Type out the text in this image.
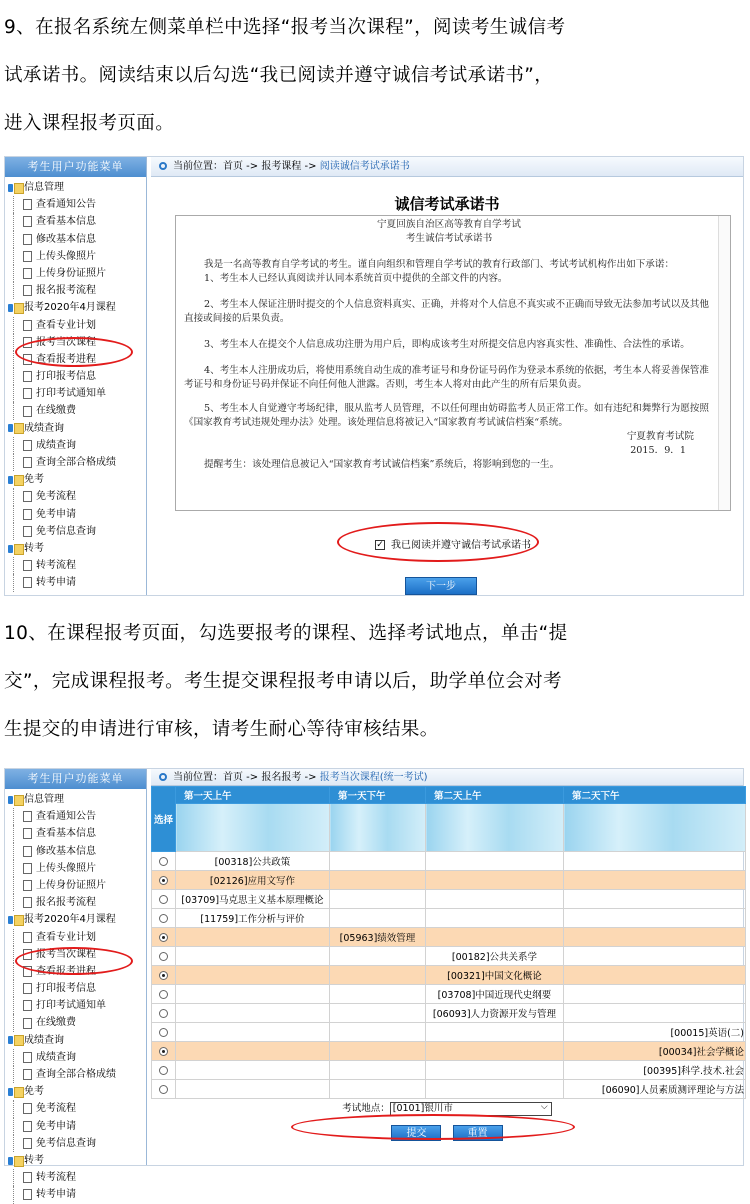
9、在报名系统左侧菜单栏中选择“报考当次课程”，阅读考生诚信考
试承诺书。阅读结束以后勾选“我已阅读并遵守诚信考试承诺书”，
进入课程报考页面。
考生用户功能菜单
信息管理
查看通知公告
查看基本信息
修改基本信息
上传头像照片
上传身份证照片
报名报考流程
报考2020年4月课程
查看专业计划
报考当次课程
查看报考进程
打印报考信息
打印考试通知单
在线缴费
成绩查询
成绩查询
查询全部合格成绩
免考
免考流程
免考申请
免考信息查询
转考
转考流程
转考申请
当前位置：首页 -> 报考课程 -> 阅读诚信考试承诺书
诚信考试承诺书

宁夏回族自治区高等教育自学考试

考生诚信考试承诺书

我是一名高等教育自学考试的考生。谨自向组织和管理自学考试的教育行政部门、考试考试机构作出如下承诺：

1、考生本人已经认真阅读并认同本系统首页中提供的全部文件的内容。

2、考生本人保证注册时提交的个人信息资料真实、正确，并将对个人信息不真实或不正确而导致无法参加考试以及其他直接或间接的后果负责。

3、考生本人在提交个人信息成功注册为用户后，即构成该考生对所提交信息内容真实性、准确性、合法性的承诺。

4、考生本人注册成功后，将使用系统自动生成的准考证号和身份证号码作为登录本系统的依据，考生本人将妥善保管准考证号和身份证号码并保证不向任何他人泄露。否则，考生本人将对由此产生的所有后果负责。

5、考生本人自觉遵守考场纪律，服从监考人员管理，不以任何理由妨碍监考人员正常工作。如有违纪和舞弊行为愿按照《国家教育考试违规处理办法》处理。该处理信息将被记入“国家教育考试诚信档案“系统。

宁夏教育考试院

2015．9．1

提醒考生：该处理信息被记入“国家教育考试诚信档案”系统后，将影响到您的一生。

✓ 我已阅读并遵守诚信考试承诺书
下一步
10、在课程报考页面，勾选要报考的课程、选择考试地点，单击“提
交”，完成课程报考。考生提交课程报考申请以后，助学单位会对考
生提交的申请进行审核，请考生耐心等待审核结果。
考生用户功能菜单
信息管理
查看通知公告
查看基本信息
修改基本信息
上传头像照片
上传身份证照片
报名报考流程
报考2020年4月课程
查看专业计划
报考当次课程
查看报考进程
打印报考信息
打印考试通知单
在线缴费
成绩查询
成绩查询
查询全部合格成绩
免考
免考流程
免考申请
免考信息查询
转考
转考流程
转考申请
当前位置：首页 -> 报名报考 -> 报考当次课程(统一考试)
选择	第一天上午	第一天下午	第二天上午	第二天下午

	[00318]公共政策			
	[02126]应用文写作			
	[03709]马克思主义基本原理概论			
	[11759]工作分析与评价			
		[05963]绩效管理		
			[00182]公共关系学	
			[00321]中国文化概论	
			[03708]中国近现代史纲要	
			[06093]人力资源开发与管理	
				[00015]英语(二)
				[00034]社会学概论
				[00395]科学.技术.社会
				[06090]人员素质测评理论与方法
考试地点： [0101]银川市 ⌵
提交	重置
